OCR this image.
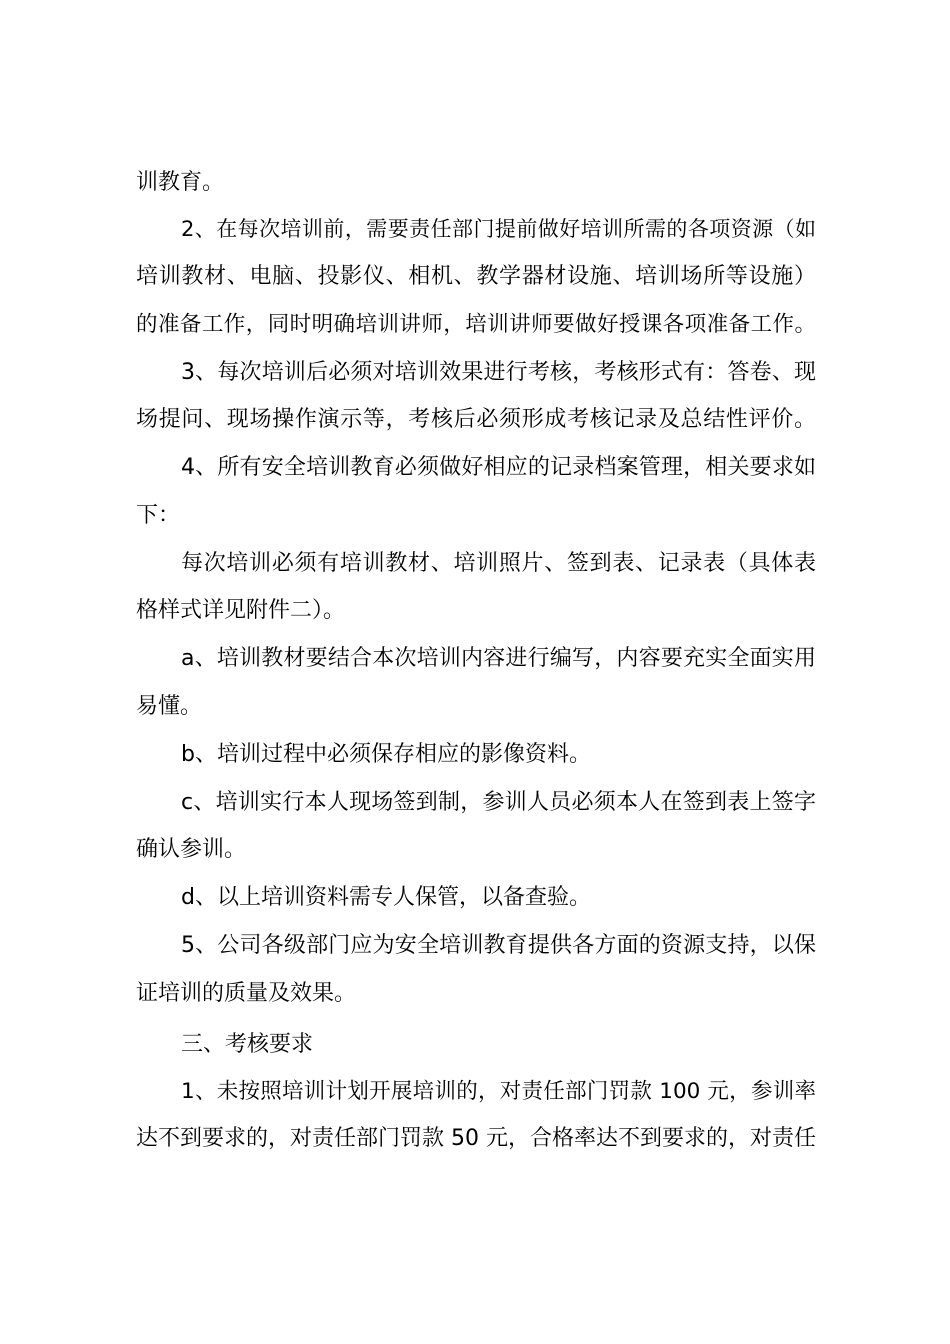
训教育。
2、在每次培训前，需要责任部门提前做好培训所需的各项资源（如
培训教材、电脑、投影仪、相机、教学器材设施、培训场所等设施）
的准备工作，同时明确培训讲师，培训讲师要做好授课各项准备工作。
3、每次培训后必须对培训效果进行考核，考核形式有：答卷、现
场提问、现场操作演示等，考核后必须形成考核记录及总结性评价。
4、所有安全培训教育必须做好相应的记录档案管理，相关要求如
下：
每次培训必须有培训教材、培训照片、签到表、记录表（具体表
格样式详见附件二）。
a、培训教材要结合本次培训内容进行编写，内容要充实全面实用
易懂。
b、培训过程中必须保存相应的影像资料。
c、培训实行本人现场签到制，参训人员必须本人在签到表上签字
确认参训。
d、以上培训资料需专人保管，以备查验。
5、公司各级部门应为安全培训教育提供各方面的资源支持，以保
证培训的质量及效果。
三、考核要求
1、未按照培训计划开展培训的，对责任部门罚款 100 元，参训率
达不到要求的，对责任部门罚款 50 元，合格率达不到要求的，对责任
